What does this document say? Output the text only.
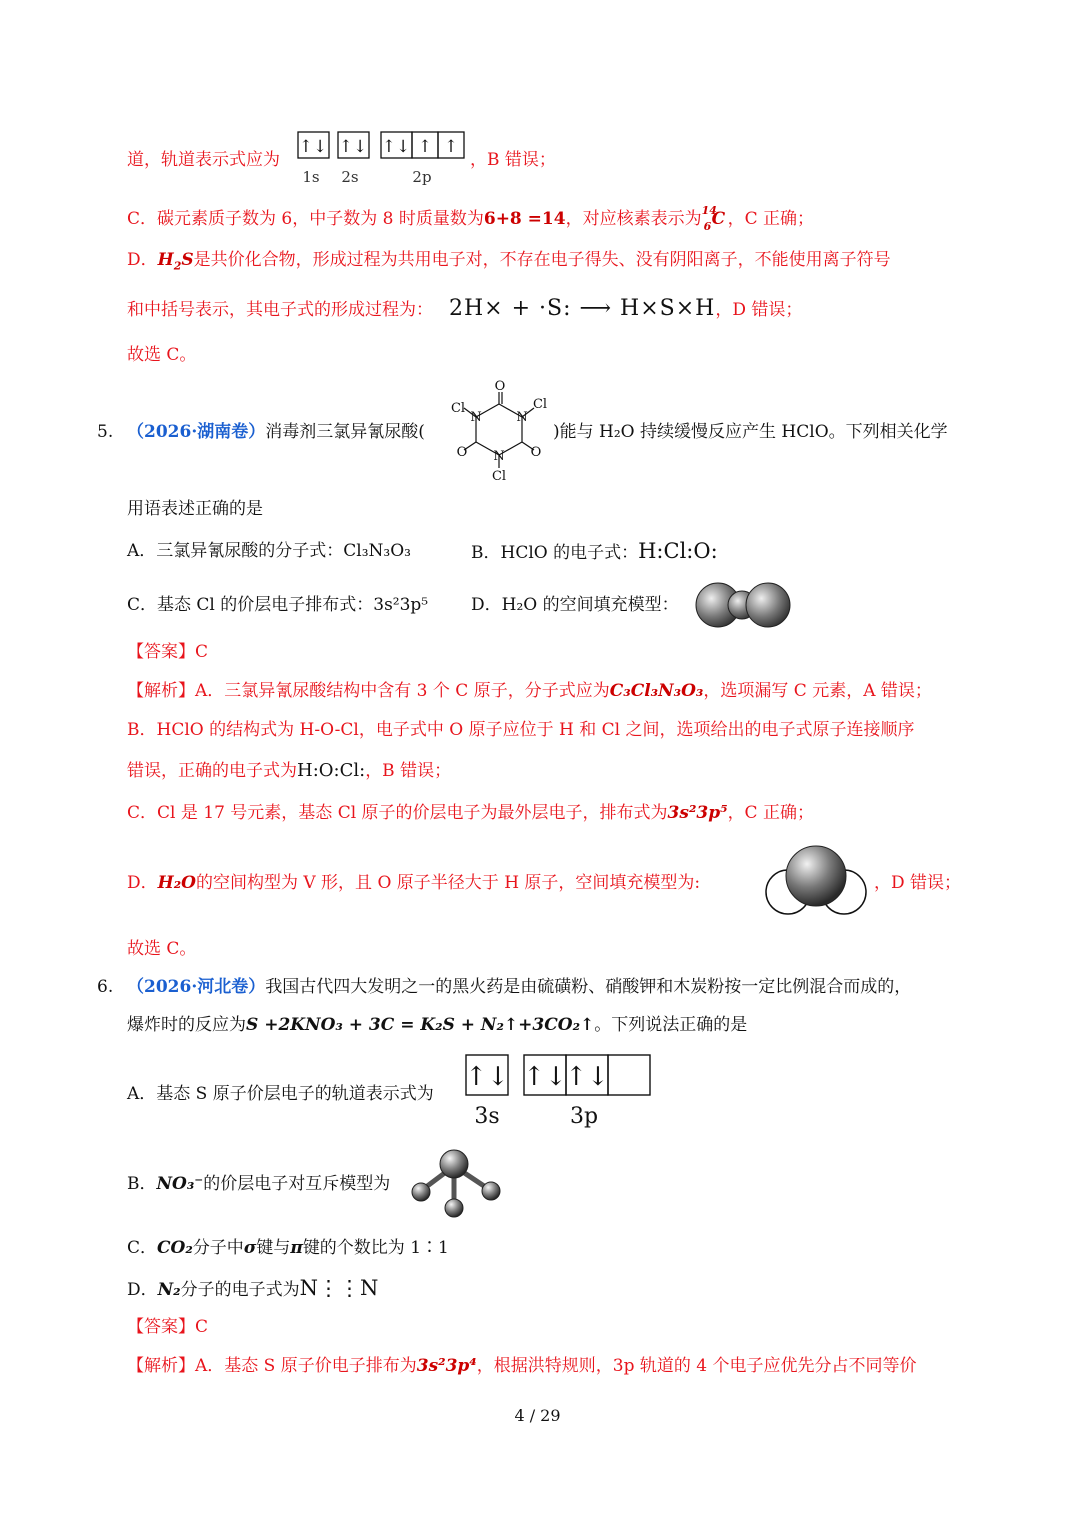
道，轨道表示式应为
↑↓ ↑↓ ↑↓ ↑ ↑
1s 2s	2p
，B 错误；
C．碳元素质子数为 6，中子数为 8 时质量数为6+8 =14，对应核素表示为 14
6 C ，C 正确；
D．$H_2S$是共价化合物，形成过程为共用电子对，不存在电子得失、没有阴阳离子，不能使用离子符号
和中括号表示，其电子式的形成过程为： 2H× + ·S: ⟶ H×S×H，D 错误；
故选 C。
5. （2026·湖南卷）消毒剂三氯异氰尿酸(
O
O	O
N
N
N
Cl
Cl
Cl
)能与 H₂O 持续缓慢反应产生 HClO。下列相关化学
用语表述正确的是
A．三氯异氰尿酸的分子式：Cl₃N₃O₃	B．HClO 的电子式：H:Cl:O:
C．基态 Cl 的价层电子排布式：3s²3p⁵	D．H₂O 的空间填充模型：
【答案】C
【解析】A．三氯异氰尿酸结构中含有 3 个 C 原子，分子式应为C₃Cl₃N₃O₃，选项漏写 C 元素，A 错误；
B．HClO 的结构式为 H-O-Cl，电子式中 O 原子应位于 H 和 Cl 之间，选项给出的电子式原子连接顺序
错误，正确的电子式为H:O:Cl:，B 错误；
C．Cl 是 17 号元素，基态 Cl 原子的价层电子为最外层电子，排布式为3s²3p⁵，C 正确；
D．H₂O的空间构型为 V 形，且 O 原子半径大于 H 原子，空间填充模型为:	，D 错误；
故选 C。
6. （2026·河北卷）我国古代四大发明之一的黑火药是由硫磺粉、硝酸钾和木炭粉按一定比例混合而成的，
爆炸时的反应为S +2KNO₃ + 3C = K₂S + N₂↑+3CO₂↑。下列说法正确的是
A．基态 S 原子价层电子的轨道表示式为
↑↓ ↑↓
↑↓
3s	3p
B．NO₃⁻的价层电子对互斥模型为
C．CO₂分子中σ键与π键的个数比为 1∶1
D．N₂分子的电子式为N⋮⋮N
【答案】C
【解析】A．基态 S 原子价电子排布为3s²3p⁴，根据洪特规则，3p 轨道的 4 个电子应优先分占不同等价
4 / 29
